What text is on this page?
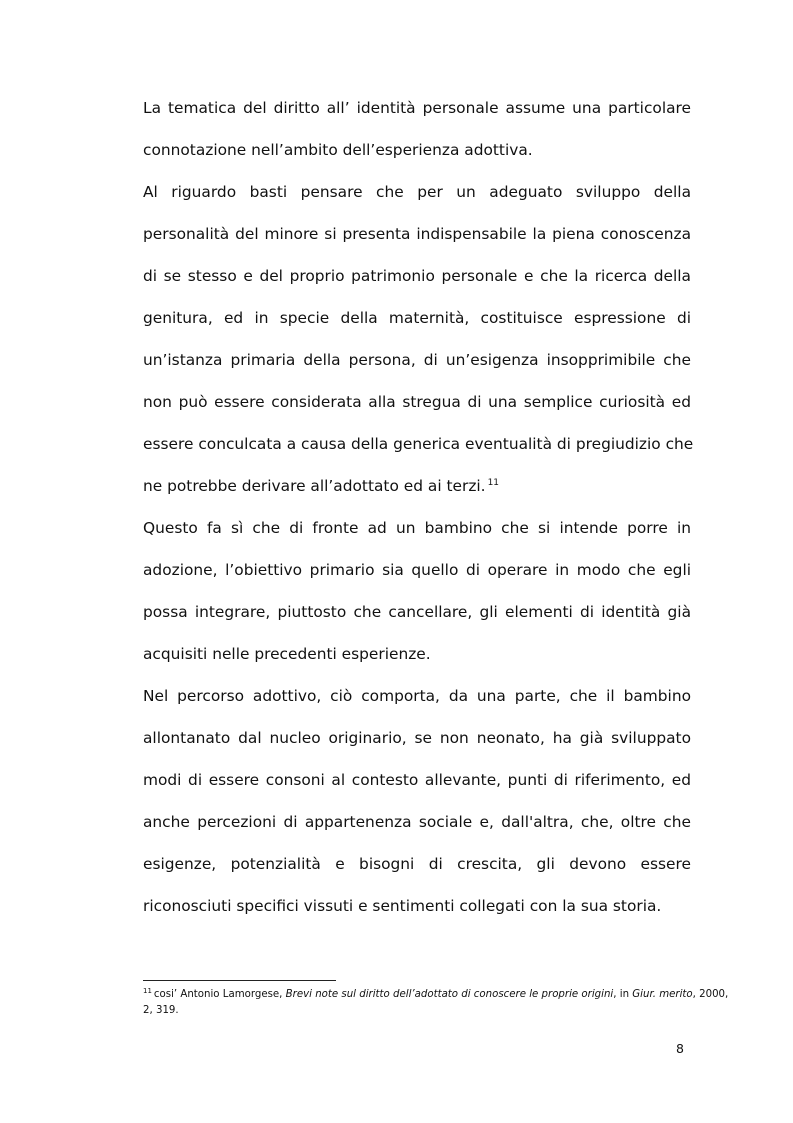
La tematica del diritto all’ identità personale assume una particolare
connotazione nell’ambito dell’esperienza adottiva.
Al riguardo basti pensare che per un adeguato sviluppo della
personalità del minore si presenta indispensabile la piena conoscenza
di se stesso e del proprio patrimonio personale e che la ricerca della
genitura, ed in specie della maternità, costituisce espressione di
un’istanza primaria della persona, di un’esigenza insopprimibile che
non può essere considerata alla stregua di una semplice curiosità ed
essere conculcata a causa della generica eventualità di pregiudizio che
ne potrebbe derivare all’adottato ed ai terzi. $^{11}$
Questo fa sì che di fronte ad un bambino che si intende porre in
adozione, l’obiettivo primario sia quello di operare in modo che egli
possa integrare, piuttosto che cancellare, gli elementi di identità già
acquisiti nelle precedenti esperienze.
Nel percorso adottivo, ciò comporta, da una parte, che il bambino
allontanato dal nucleo originario, se non neonato, ha già sviluppato
modi di essere consoni al contesto allevante, punti di riferimento, ed
anche percezioni di appartenenza sociale e, dall'altra, che, oltre che
esigenze, potenzialità e bisogni di crescita, gli devono essere
riconosciuti specifici vissuti e sentimenti collegati con la sua storia.
$^{11}$ cosi’ Antonio Lamorgese, Brevi note sul diritto dell’adottato di conoscere le proprie origini, in Giur. merito, 2000,
2, 319.
8
